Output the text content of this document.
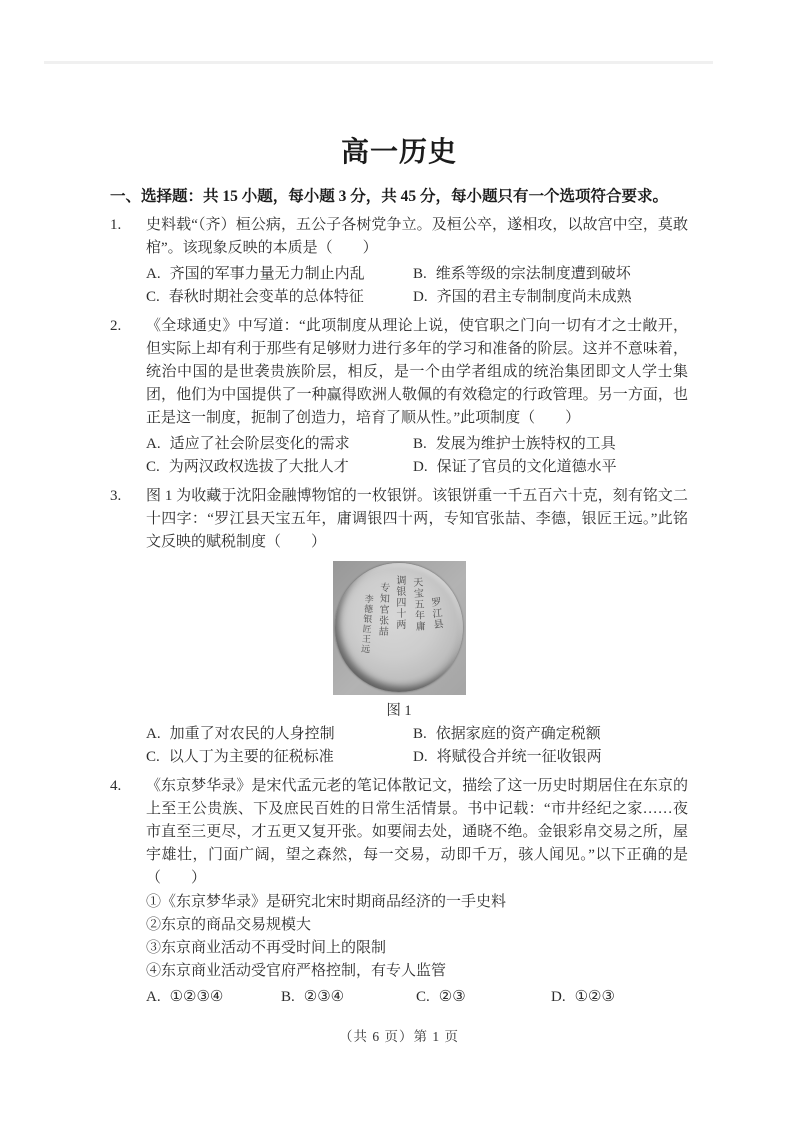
高一历史
一、选择题：共 15 小题，每小题 3 分，共 45 分，每小题只有一个选项符合要求。
1.	史料载“（齐）桓公病，五公子各树党争立。及桓公卒，遂相攻，以故宫中空，莫敢棺”。该现象反映的本质是（　　）
A. 齐国的军事力量无力制止内乱	B. 维系等级的宗法制度遭到破坏
C. 春秋时期社会变革的总体特征	D. 齐国的君主专制制度尚未成熟
2.	《全球通史》中写道：“此项制度从理论上说，使官职之门向一切有才之士敞开，但实际上却有利于那些有足够财力进行多年的学习和准备的阶层。这并不意味着，统治中国的是世袭贵族阶层，相反，是一个由学者组成的统治集团即文人学士集团，他们为中国提供了一种赢得欧洲人敬佩的有效稳定的行政管理。另一方面，也正是这一制度，扼制了创造力，培育了顺从性。”此项制度（　　）
A. 适应了社会阶层变化的需求	B. 发展为维护士族特权的工具
C. 为两汉政权选拔了大批人才	D. 保证了官员的文化道德水平
3.	图 1 为收藏于沈阳金融博物馆的一枚银饼。该银饼重一千五百六十克，刻有铭文二十四字：“罗江县天宝五年，庸调银四十两，专知官张喆、李德，银匠王远。”此铭文反映的赋税制度（　　）
罗江县
天宝五年庸
调银四十两
专知官张喆
李德银匠王远
图 1
A. 加重了对农民的人身控制	B. 依据家庭的资产确定税额
C. 以人丁为主要的征税标准	D. 将赋役合并统一征收银两
4.	《东京梦华录》是宋代孟元老的笔记体散记文，描绘了这一历史时期居住在东京的上至王公贵族、下及庶民百姓的日常生活情景。书中记载：“市井经纪之家……夜市直至三更尽，才五更又复开张。如要闹去处，通晓不绝。金银彩帛交易之所，屋宇雄壮，门面广阔，望之森然，每一交易，动即千万，骇人闻见。”以下正确的是（　　）
①《东京梦华录》是研究北宋时期商品经济的一手史料
②东京的商品交易规模大
③东京商业活动不再受时间上的限制
④东京商业活动受官府严格控制，有专人监管
A. ①②③④	B. ②③④	C. ②③	D. ①②③
（共 6 页）第 1 页
